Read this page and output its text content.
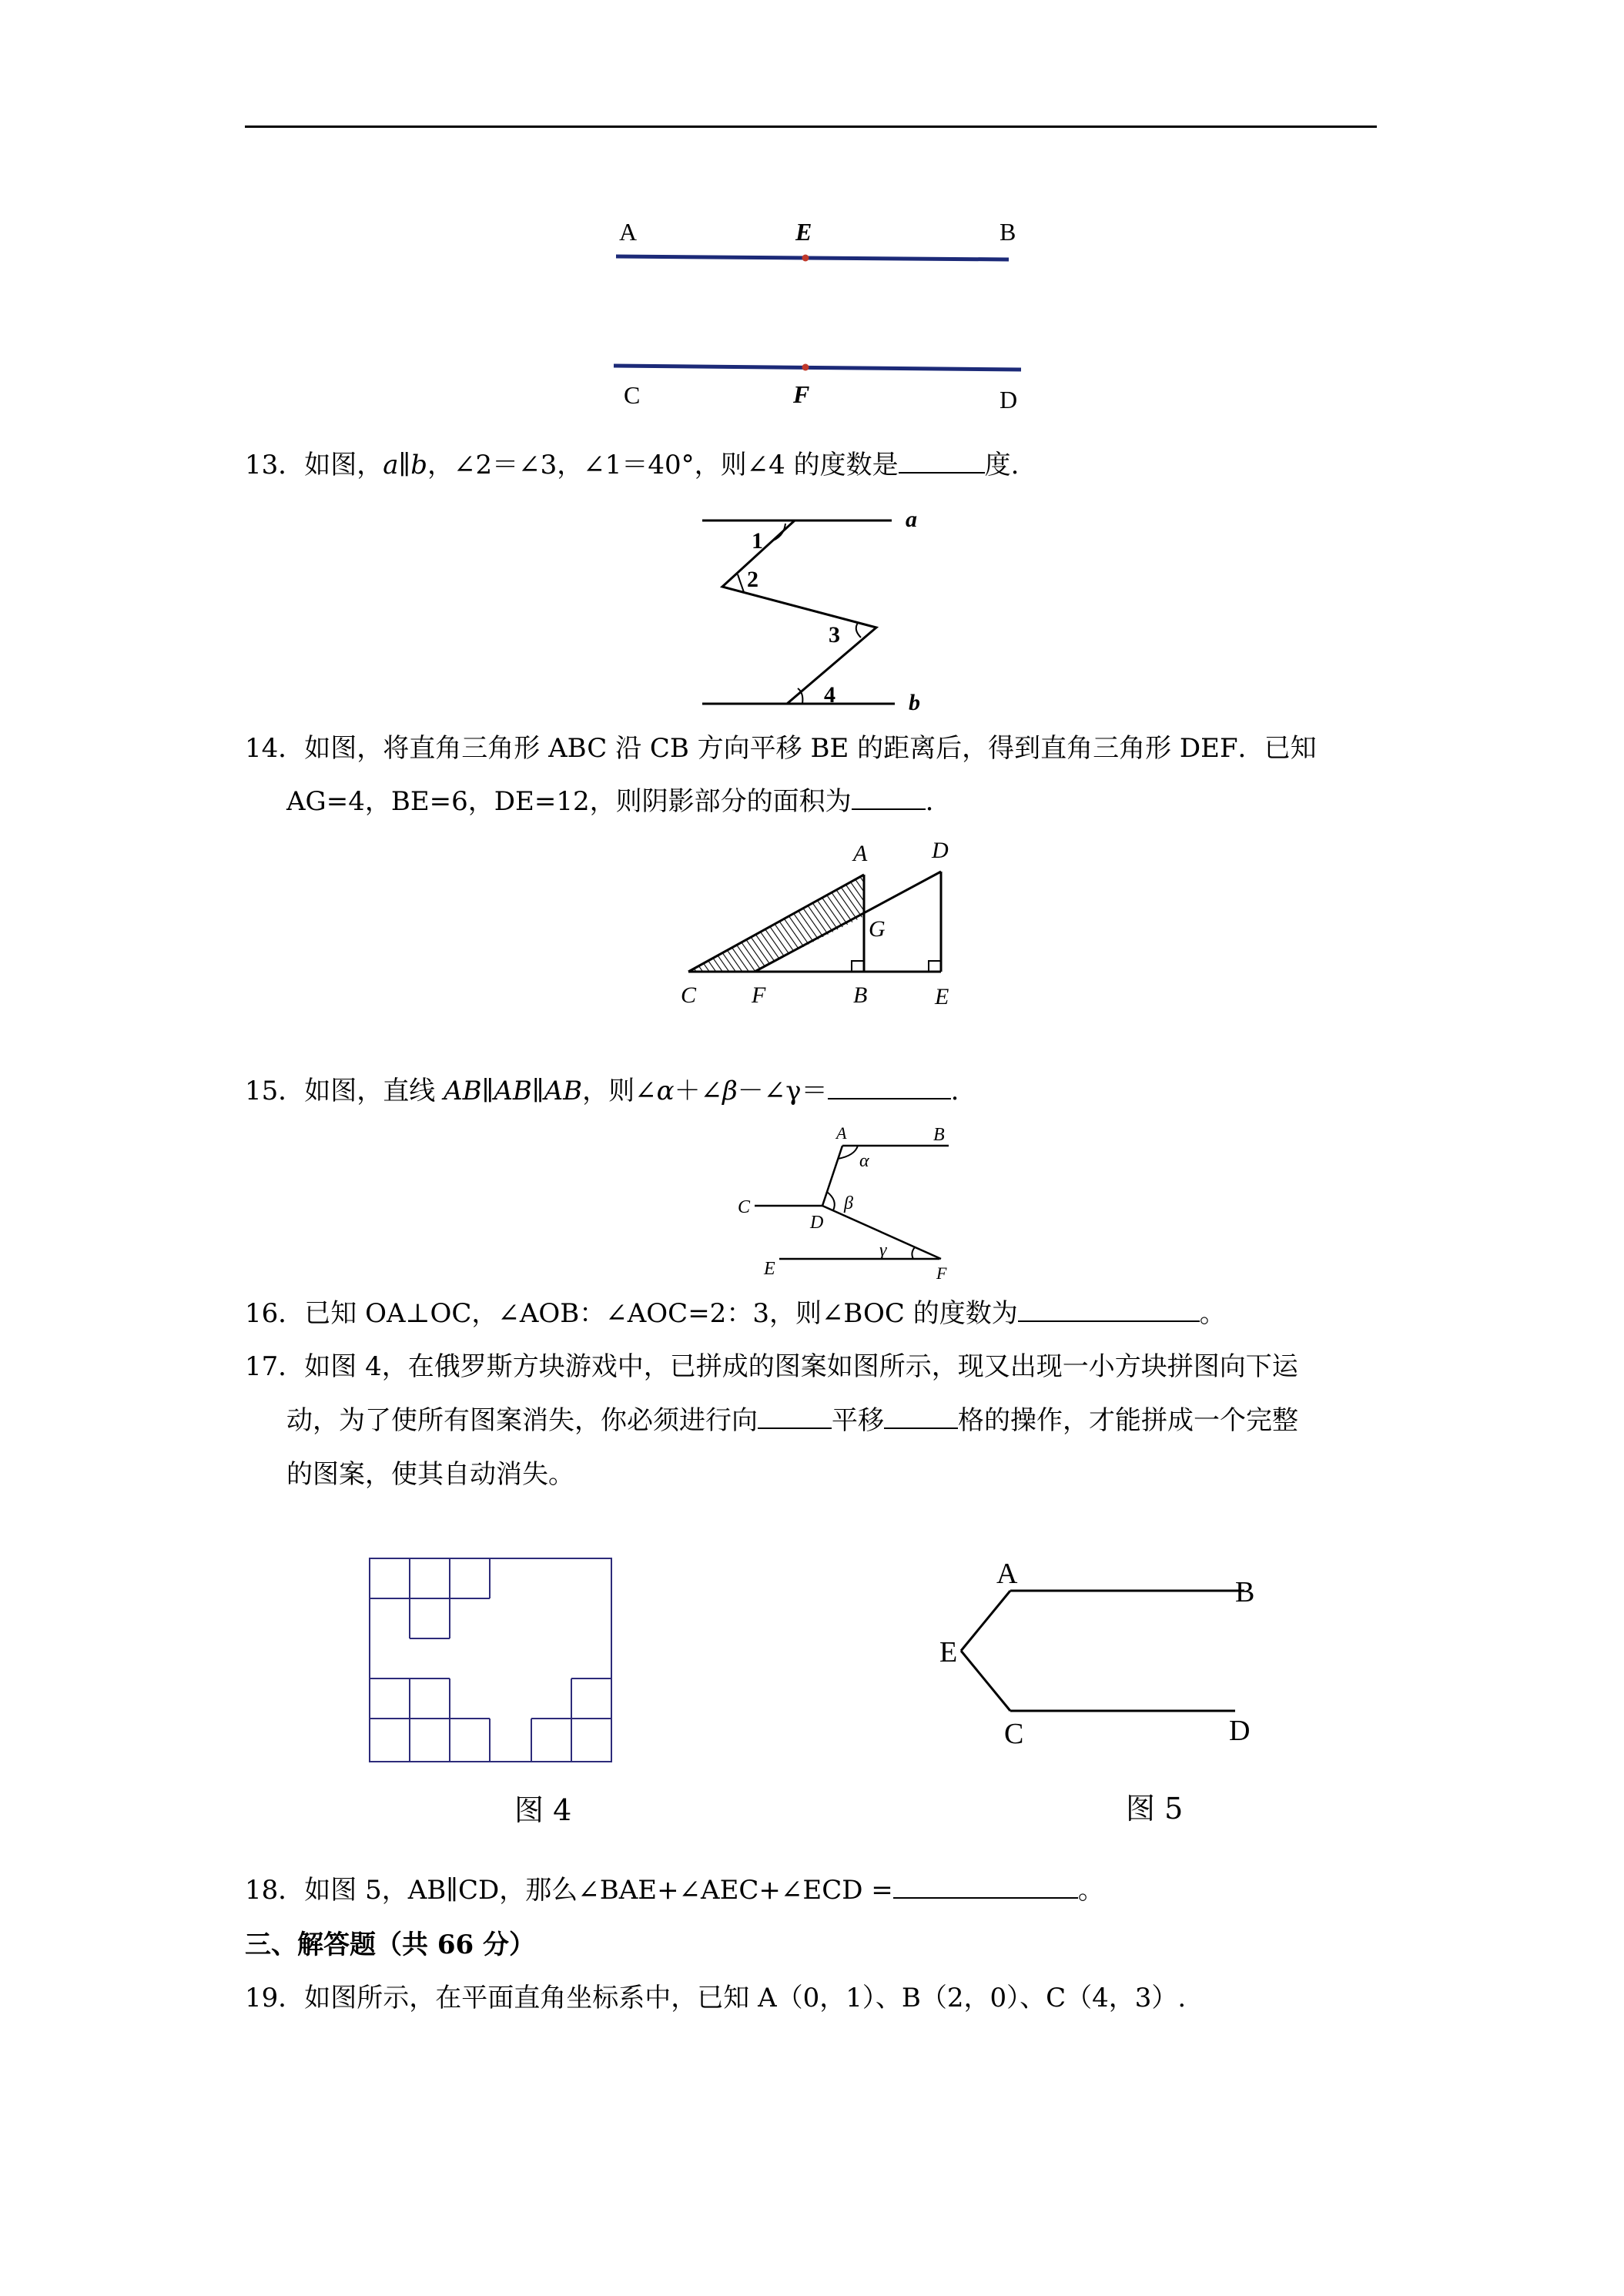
A	E	B
C	F	D
13．如图，a∥b，∠2＝∠3，∠1＝40°，则∠4 的度数是	度.
1
2
3
4
a
b
14．如图，将直角三角形 ABC 沿 CB 方向平移 BE 的距离后，得到直角三角形 DEF．已知
AG=4，BE=6，DE=12，则阴影部分的面积为	.
A	D
G
C F	B	E
15．如图，直线 AB∥AB∥AB，则∠α＋∠β－∠γ＝	.
A	B
C
D
E	F
α
β
γ
16．已知 OA⊥OC，∠AOB：∠AOC=2：3，则∠BOC 的度数为	。
17．如图 4，在俄罗斯方块游戏中，已拼成的图案如图所示，现又出现一小方块拼图向下运
动，为了使所有图案消失，你必须进行向	平移	格的操作，才能拼成一个完整
的图案，使其自动消失。
图 4
A
B
E
C	D
图 5
18．如图 5，AB∥CD，那么∠BAE+∠AEC+∠ECD =	。
三、解答题（共 66 分）
19．如图所示，在平面直角坐标系中，已知 A（0，1）、B（2，0）、C（4，3）.
